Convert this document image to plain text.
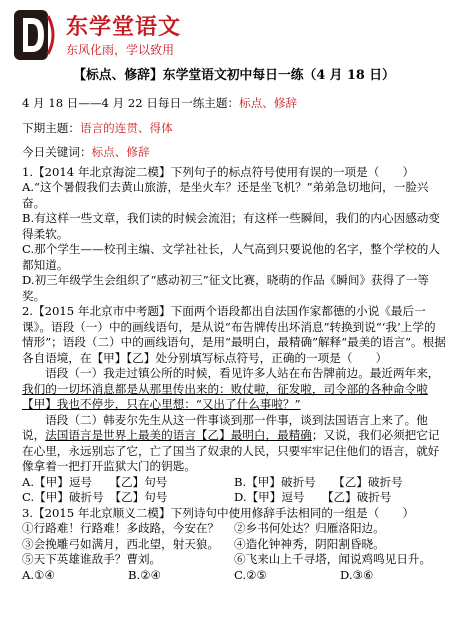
东学堂语文
东风化雨，学以致用
【标点、修辞】东学堂语文初中每日一练（4 月 18 日）
4 月 18 日——4 月 22 日每日一练主题：标点、修辞
下期主题：语言的连贯、得体
今日关键词：标点、修辞

1.【2014 年北京海淀二模】下列句子的标点符号使用有误的一项是（　　）

A.“这个暑假我们去黄山旅游，是坐火车？还是坐飞机？”弟弟急切地问，一脸兴奋。

B.有这样一些文章，我们读的时候会流泪；有这样一些瞬间，我们的内心因感动变得柔软。

C.那个学生——校刊主编、文学社社长，人气高到只要说他的名字，整个学校的人都知道。

D.初三年级学生会组织了“感动初三”征文比赛，晓萌的作品《瞬间》获得了一等奖。

2.【2015 年北京市中考题】下面两个语段都出自法国作家都德的小说《最后一课》。语段（一）中的画线语句，是从说“布告牌传出坏消息”转换到说“‘我’上学的情形”；语段（二）中的画线语句，是用“最明白，最精确”解释“最美的语言”。根据各自语境，在【甲】【乙】处分别填写标点符号，正确的一项是（　　）

语段（一）我走过镇公所的时候，看见许多人站在布告牌前边。最近两年来，我们的一切坏消息都是从那里传出来的：败仗啦，征发啦，司令部的各种命令啦【甲】我也不停步，只在心里想：“又出了什么事啦？”

语段（二）韩麦尔先生从这一件事谈到那一件事，谈到法国语言上来了。他说，法国语言是世界上最美的语言【乙】最明白，最精确；又说，我们必须把它记在心里，永远别忘了它，亡了国当了奴隶的人民，只要牢牢记住他们的语言，就好像拿着一把打开监狱大门的钥匙。

A.【甲】逗号　　【乙】句号	B.【甲】破折号　　【乙】破折号
C.【甲】破折号　【乙】句号	D.【甲】逗号　　【乙】破折号

3.【2015 年北京顺义二模】下列诗句中使用修辞手法相同的一组是（　　）

①行路难！行路难！多歧路，今安在？	②乡书何处达？归雁洛阳边。
③会挽雕弓如满月，西北望，射天狼。	④造化钟神秀，阴阳割昏晓。
⑤天下英雄谁敌手？曹刘。	⑥飞来山上千寻塔，闻说鸡鸣见日升。
A.①④	B.②④	C.②⑤	D.③⑥
